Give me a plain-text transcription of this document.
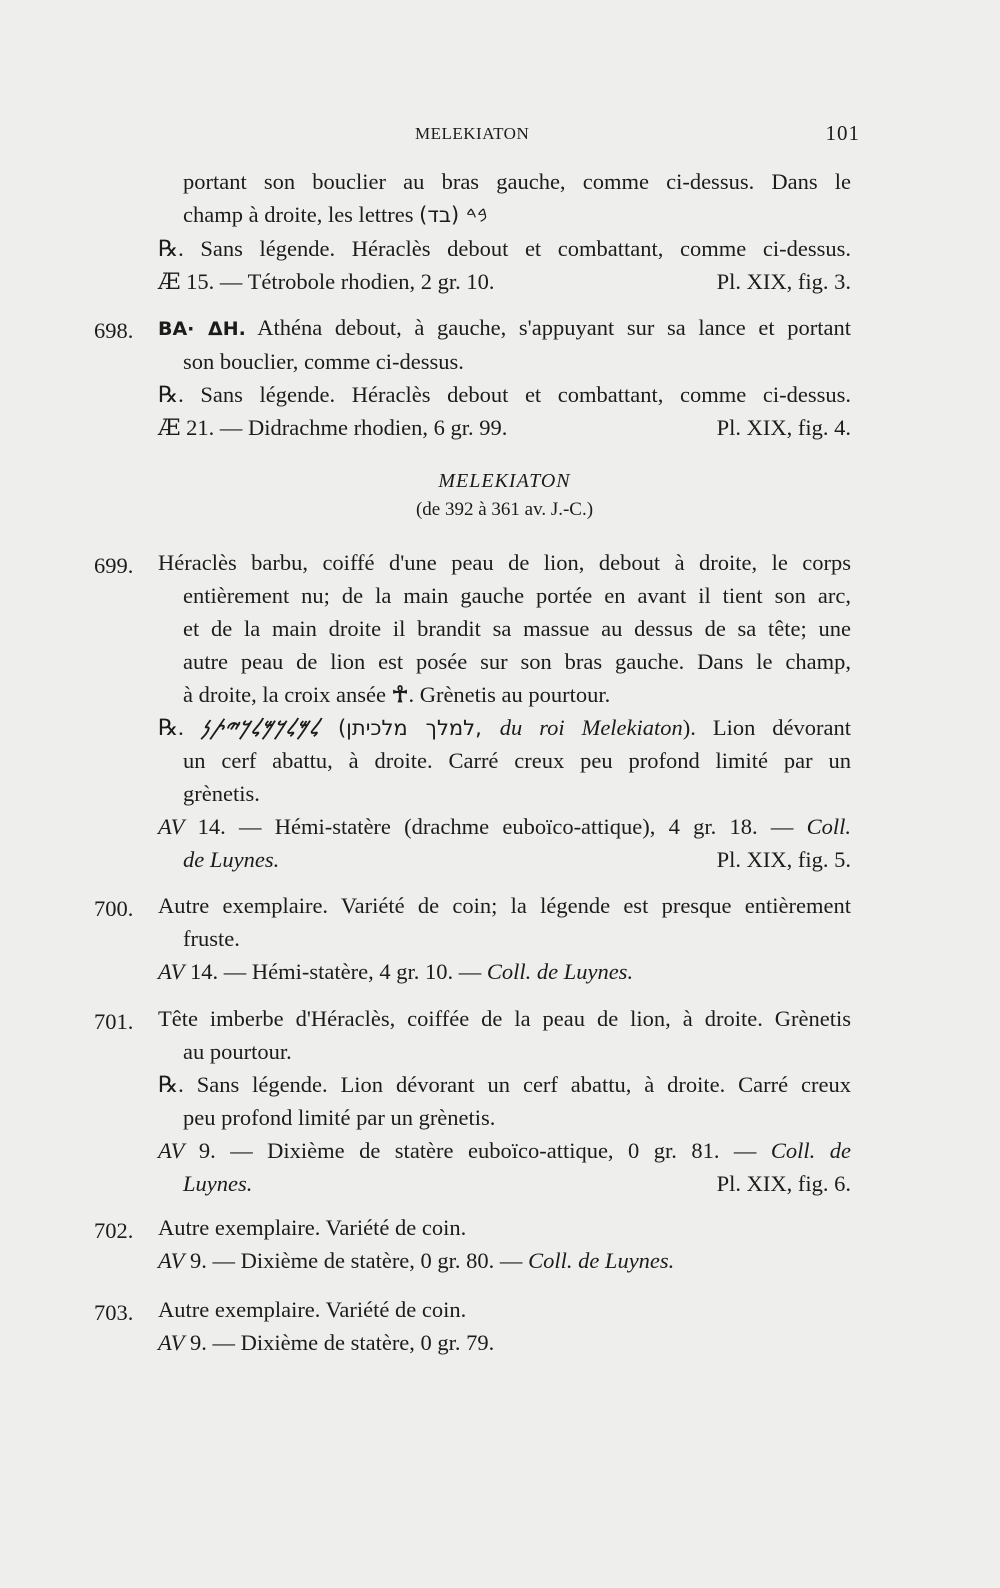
MELEKIATON	101
portant son bouclier au bras gauche, comme ci-dessus. Dans le
champ à droite, les lettres 𐤁𐤃 (בד)
℞. Sans légende. Héraclès debout et combattant, comme ci-dessus.
Æ 15. — Tétrobole rhodien, 2 gr. 10.	Pl. XIX, fig. 3.
698. BA· ΔH. Athéna debout, à gauche, s'appuyant sur sa lance et portant
son bouclier, comme ci-dessus.
℞. Sans légende. Héraclès debout et combattant, comme ci-dessus.
Æ 21. — Didrachme rhodien, 6 gr. 99.	Pl. XIX, fig. 4.
MELEKIATON
(de 392 à 361 av. J.-C.)
699. Héraclès barbu, coiffé d'une peau de lion, debout à droite, le corps
entièrement nu; de la main gauche portée en avant il tient son arc,
et de la main droite il brandit sa massue au dessus de sa tête; une
autre peau de lion est posée sur son bras gauche. Dans le champ,
à droite, la croix ansée ☥. Grènetis au pourtour.
℞. 𐤋𐤌𐤋𐤊𐤌𐤋𐤊𐤉𐤕𐤍 (למלך מלכיתן, du roi Melekiaton). Lion dévorant
un cerf abattu, à droite. Carré creux peu profond limité par un
grènetis.
AV 14. — Hémi-statère (drachme euboïco-attique), 4 gr. 18. — Coll.
de Luynes.	Pl. XIX, fig. 5.
700. Autre exemplaire. Variété de coin; la légende est presque entièrement
fruste.
AV 14. — Hémi-statère, 4 gr. 10. — Coll. de Luynes.
701. Tête imberbe d'Héraclès, coiffée de la peau de lion, à droite. Grènetis
au pourtour.
℞. Sans légende. Lion dévorant un cerf abattu, à droite. Carré creux
peu profond limité par un grènetis.
AV 9. — Dixième de statère euboïco-attique, 0 gr. 81. — Coll. de
Luynes.	Pl. XIX, fig. 6.
702. Autre exemplaire. Variété de coin.
AV 9. — Dixième de statère, 0 gr. 80. — Coll. de Luynes.
703. Autre exemplaire. Variété de coin.
AV 9. — Dixième de statère, 0 gr. 79.
